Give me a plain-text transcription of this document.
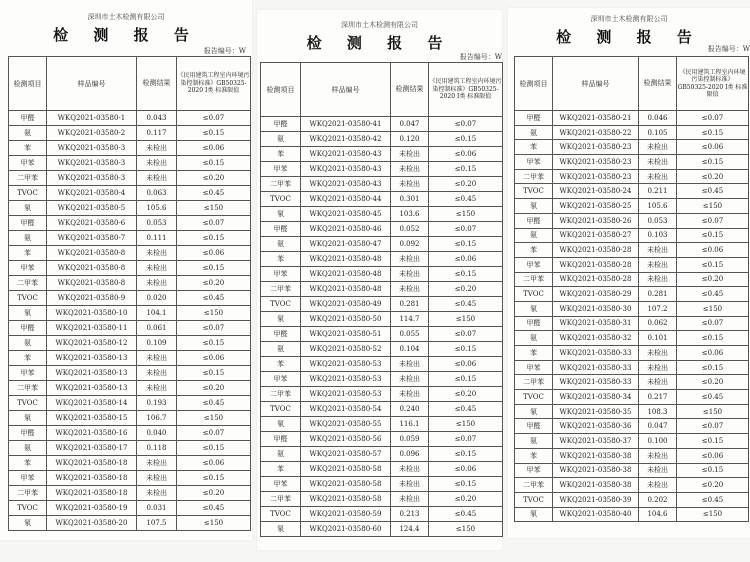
深圳市土木检测有限公司
检 测 报 告
报告编号：W
检测项目	样品编号	检测结果	《民用建筑工程室内环境污染控制标准》GB50325-2020 I类 标准限值
甲醛	WKQ2021-03580-1	0.043	≤0.07
氨	WKQ2021-03580-2	0.117	≤0.15
苯	WKQ2021-03580-3	未检出	≤0.06
甲苯	WKQ2021-03580-3	未检出	≤0.15
二甲苯	WKQ2021-03580-3	未检出	≤0.20
TVOC	WKQ2021-03580-4	0.063	≤0.45
氡	WKQ2021-03580-5	105.6	≤150
甲醛	WKQ2021-03580-6	0.053	≤0.07
氨	WKQ2021-03580-7	0.111	≤0.15
苯	WKQ2021-03580-8	未检出	≤0.06
甲苯	WKQ2021-03580-8	未检出	≤0.15
二甲苯	WKQ2021-03580-8	未检出	≤0.20
TVOC	WKQ2021-03580-9	0.020	≤0.45
氡	WKQ2021-03580-10	104.1	≤150
甲醛	WKQ2021-03580-11	0.061	≤0.07
氨	WKQ2021-03580-12	0.109	≤0.15
苯	WKQ2021-03580-13	未检出	≤0.06
甲苯	WKQ2021-03580-13	未检出	≤0.15
二甲苯	WKQ2021-03580-13	未检出	≤0.20
TVOC	WKQ2021-03580-14	0.193	≤0.45
氡	WKQ2021-03580-15	106.7	≤150
甲醛	WKQ2021-03580-16	0.040	≤0.07
氨	WKQ2021-03580-17	0.118	≤0.15
苯	WKQ2021-03580-18	未检出	≤0.06
甲苯	WKQ2021-03580-18	未检出	≤0.15
二甲苯	WKQ2021-03580-18	未检出	≤0.20
TVOC	WKQ2021-03580-19	0.031	≤0.45
氡	WKQ2021-03580-20	107.5	≤150
深圳市土木检测有限公司
检 测 报 告
报告编号：W
检测项目	样品编号	检测结果	《民用建筑工程室内环境污染控制标准》GB50325-2020 I类 标准限值
甲醛	WKQ2021-03580-41	0.047	≤0.07
氨	WKQ2021-03580-42	0.120	≤0.15
苯	WKQ2021-03580-43	未检出	≤0.06
甲苯	WKQ2021-03580-43	未检出	≤0.15
二甲苯	WKQ2021-03580-43	未检出	≤0.20
TVOC	WKQ2021-03580-44	0.301	≤0.45
氡	WKQ2021-03580-45	103.6	≤150
甲醛	WKQ2021-03580-46	0.052	≤0.07
氨	WKQ2021-03580-47	0.092	≤0.15
苯	WKQ2021-03580-48	未检出	≤0.06
甲苯	WKQ2021-03580-48	未检出	≤0.15
二甲苯	WKQ2021-03580-48	未检出	≤0.20
TVOC	WKQ2021-03580-49	0.281	≤0.45
氡	WKQ2021-03580-50	114.7	≤150
甲醛	WKQ2021-03580-51	0.055	≤0.07
氨	WKQ2021-03580-52	0.104	≤0.15
苯	WKQ2021-03580-53	未检出	≤0.06
甲苯	WKQ2021-03580-53	未检出	≤0.15
二甲苯	WKQ2021-03580-53	未检出	≤0.20
TVOC	WKQ2021-03580-54	0.240	≤0.45
氡	WKQ2021-03580-55	116.1	≤150
甲醛	WKQ2021-03580-56	0.059	≤0.07
氨	WKQ2021-03580-57	0.096	≤0.15
苯	WKQ2021-03580-58	未检出	≤0.06
甲苯	WKQ2021-03580-58	未检出	≤0.15
二甲苯	WKQ2021-03580-58	未检出	≤0.20
TVOC	WKQ2021-03580-59	0.213	≤0.45
氡	WKQ2021-03580-60	124.4	≤150
深圳市土木检测有限公司
检 测 报 告
报告编号：W
检测项目	样品编号	检测结果	《民用建筑工程室内环境污染控制标准》GB50325-2020 I类 标准限值
甲醛	WKQ2021-03580-21	0.046	≤0.07
氨	WKQ2021-03580-22	0.105	≤0.15
苯	WKQ2021-03580-23	未检出	≤0.06
甲苯	WKQ2021-03580-23	未检出	≤0.15
二甲苯	WKQ2021-03580-23	未检出	≤0.20
TVOC	WKQ2021-03580-24	0.211	≤0.45
氡	WKQ2021-03580-25	105.6	≤150
甲醛	WKQ2021-03580-26	0.053	≤0.07
氨	WKQ2021-03580-27	0.103	≤0.15
苯	WKQ2021-03580-28	未检出	≤0.06
甲苯	WKQ2021-03580-28	未检出	≤0.15
二甲苯	WKQ2021-03580-28	未检出	≤0.20
TVOC	WKQ2021-03580-29	0.281	≤0.45
氡	WKQ2021-03580-30	107.2	≤150
甲醛	WKQ2021-03580-31	0.062	≤0.07
氨	WKQ2021-03580-32	0.101	≤0.15
苯	WKQ2021-03580-33	未检出	≤0.06
甲苯	WKQ2021-03580-33	未检出	≤0.15
二甲苯	WKQ2021-03580-33	未检出	≤0.20
TVOC	WKQ2021-03580-34	0.217	≤0.45
氡	WKQ2021-03580-35	108.3	≤150
甲醛	WKQ2021-03580-36	0.047	≤0.07
氨	WKQ2021-03580-37	0.100	≤0.15
苯	WKQ2021-03580-38	未检出	≤0.06
甲苯	WKQ2021-03580-38	未检出	≤0.15
二甲苯	WKQ2021-03580-38	未检出	≤0.20
TVOC	WKQ2021-03580-39	0.202	≤0.45
氡	WKQ2021-03580-40	104.6	≤150
